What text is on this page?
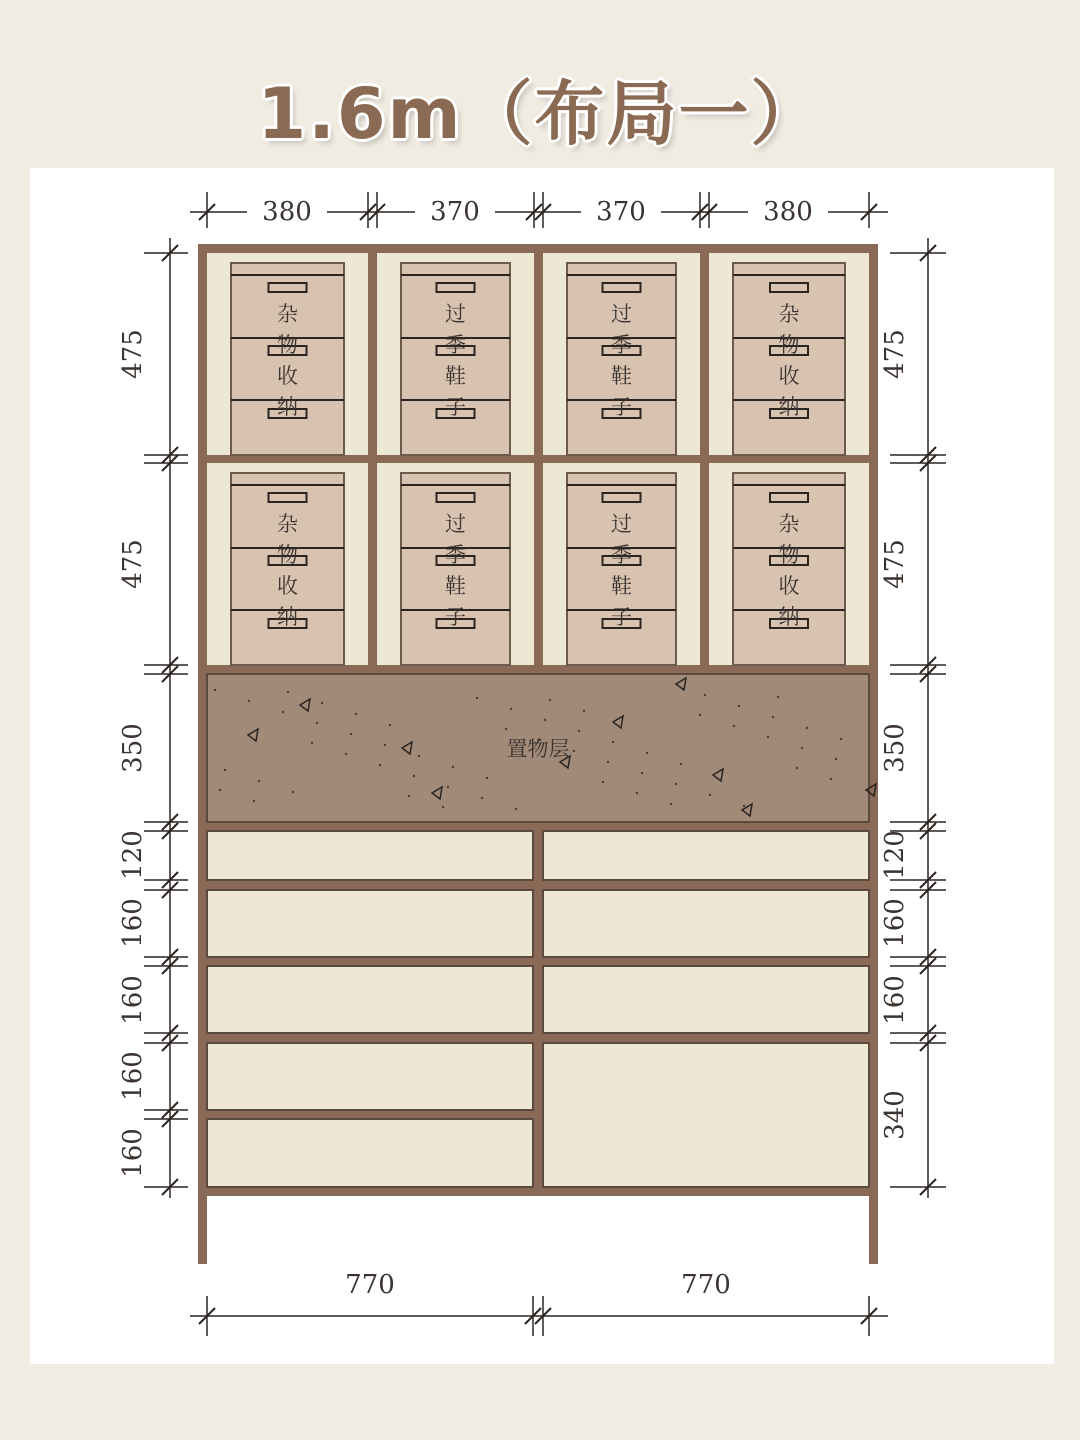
1.6m（布局一）
380	370	370	380
770	770
475
475
350
120
160
160
160
160
475
475
350
120
160
160
340
杂
物
收
纳
过
季
鞋
子
过
季
鞋
子
杂
物
收
纳
杂
物
收
纳
过
季
鞋
子
过
季
鞋
子
杂
物
收
纳
置物层
